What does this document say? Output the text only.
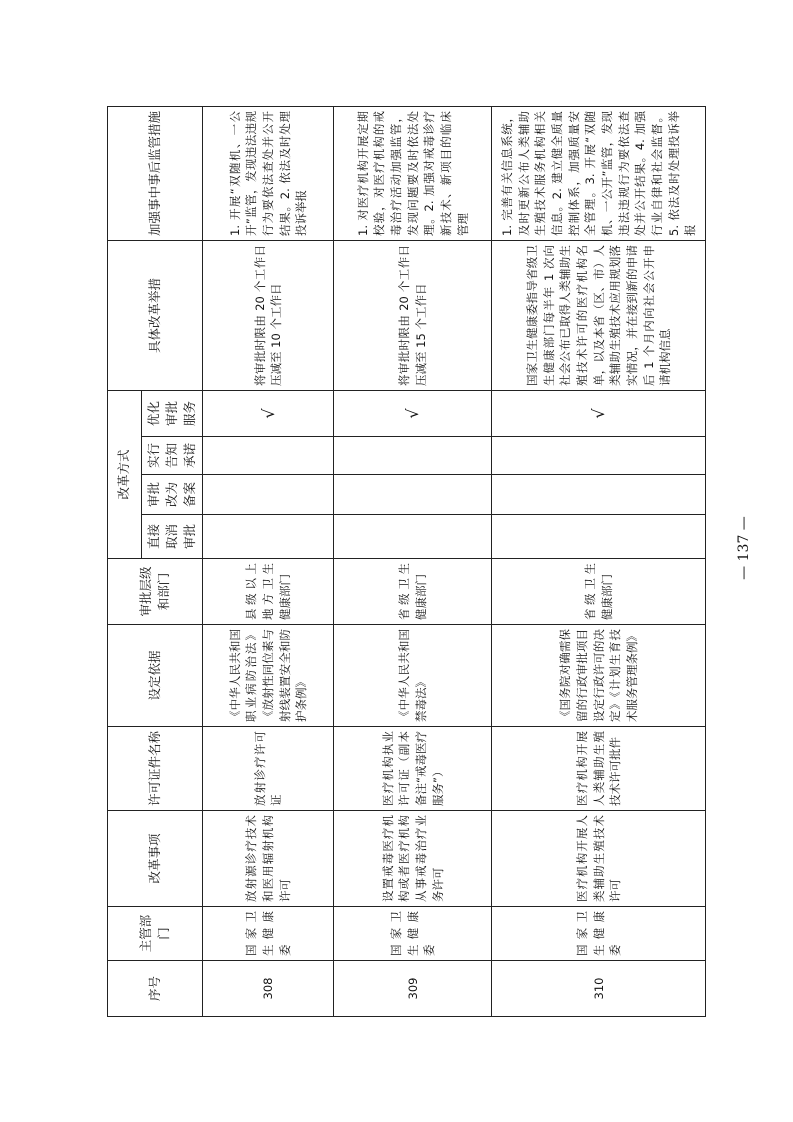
序号	主管部门	改革事项	许可证件名称	设定依据	审批层级和部门	改革方式				具体改革举措	加强事中事后监管措施
						直接取消审批	审批改为备案	实行告知承诺	优化审批服务		
308	国家卫生健康委	放射源诊疗技术和医用辐射机构许可	放射诊疗许可证	《中华人民共和国职业病防治法》《放射性同位素与射线装置安全和防护条例》	县级以上地方卫生健康部门				√	将审批时限由 20 个工作日压减至 10 个工作日	1. 开展“双随机、一公开”监管，发现违法违规行为要依法查处并公开结果。2. 依法及时处理投诉举报
309	国家卫生健康委	设置戒毒医疗机构或者医疗机构从事戒毒治疗业务许可	医疗机构执业许可证（副本备注“戒毒医疗服务”）	《中华人民共和国禁毒法》	省级卫生健康部门				√	将审批时限由 20 个工作日压减至 15 个工作日	1. 对医疗机构开展定期校验，对医疗机构的戒毒治疗活动加强监管，发现问题要及时依法处理。2. 加强对戒毒诊疗新技术、新项目的临床管理
310	国家卫生健康委	医疗机构开展人类辅助生殖技术许可	医疗机构开展人类辅助生殖技术许可批件	《国务院对确需保留的行政审批项目设定行政许可的决定》《计划生育技术服务管理条例》	省级卫生健康部门				√	国家卫生健康委指导省级卫生健康部门每半年 1 次向社会公布已取得人类辅助生殖技术许可的医疗机构名单，以及本省（区、市）人类辅助生殖技术应用规划落实情况，并在接到新的申请后 1 个月内向社会公开申请机构信息	1. 完善有关信息系统，及时更新公布人类辅助生殖技术服务机构相关信息。2. 建立健全质量控制体系，加强质量安全管理。3. 开展“双随机、一公开”监管，发现违法违规行为要依法查处并公开结果。4. 加强行业自律和社会监督。5. 依法及时处理投诉举报
— 137 —
